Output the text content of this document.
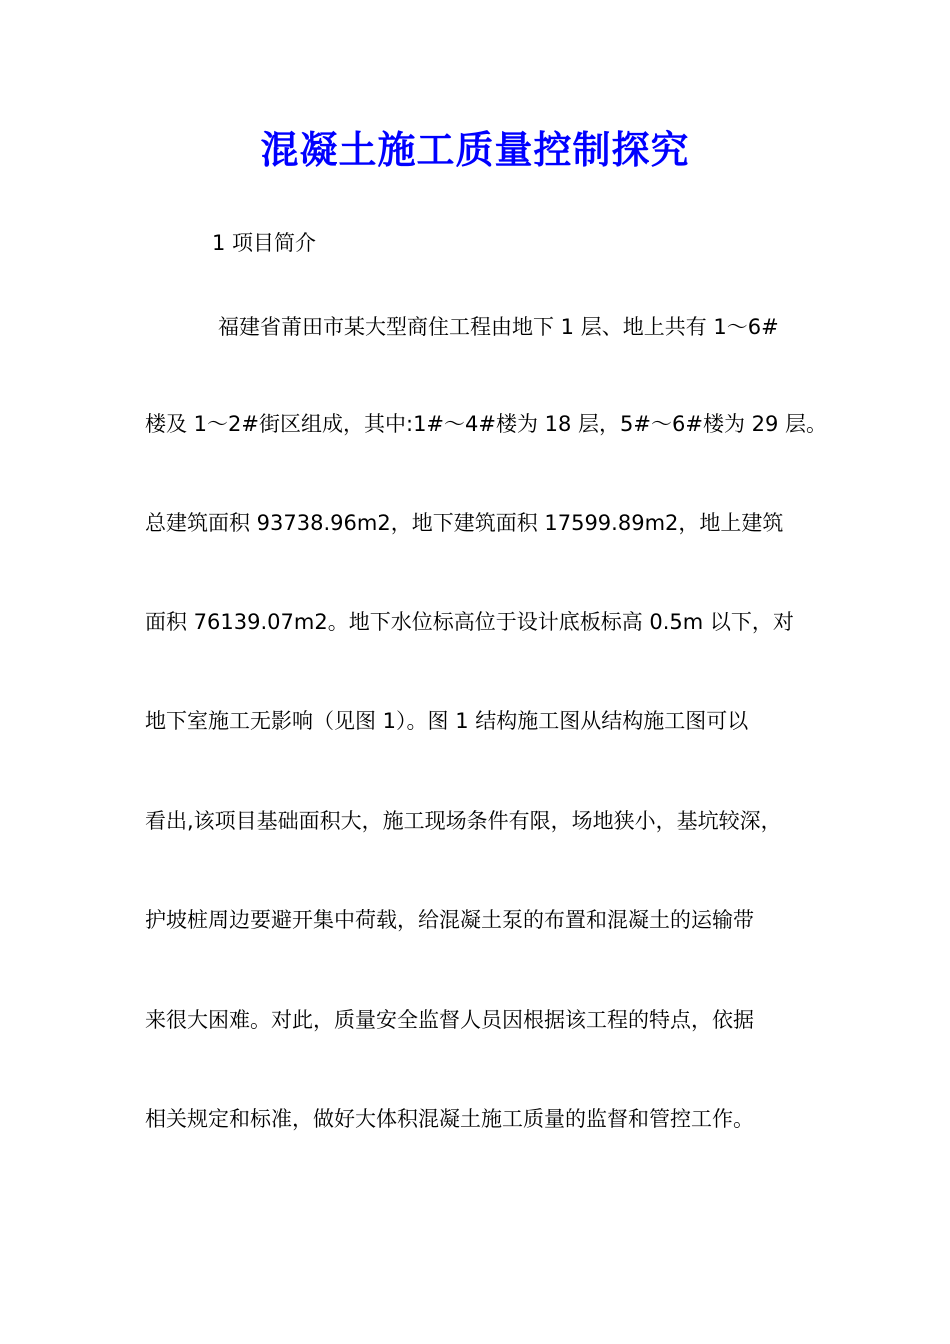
混凝土施工质量控制探究
1 项目简介
福建省莆田市某大型商住工程由地下 1 层、地上共有 1～6#
楼及 1～2#街区组成，其中:1#～4#楼为 18 层，5#～6#楼为 29 层。
总建筑面积 93738.96m2，地下建筑面积 17599.89m2，地上建筑
面积 76139.07m2。地下水位标高位于设计底板标高 0.5m 以下，对
地下室施工无影响（见图 1）。图 1 结构施工图从结构施工图可以
看出,该项目基础面积大，施工现场条件有限，场地狭小，基坑较深，
护坡桩周边要避开集中荷载，给混凝土泵的布置和混凝土的运输带
来很大困难。对此，质量安全监督人员因根据该工程的特点，依据
相关规定和标准，做好大体积混凝土施工质量的监督和管控工作。
